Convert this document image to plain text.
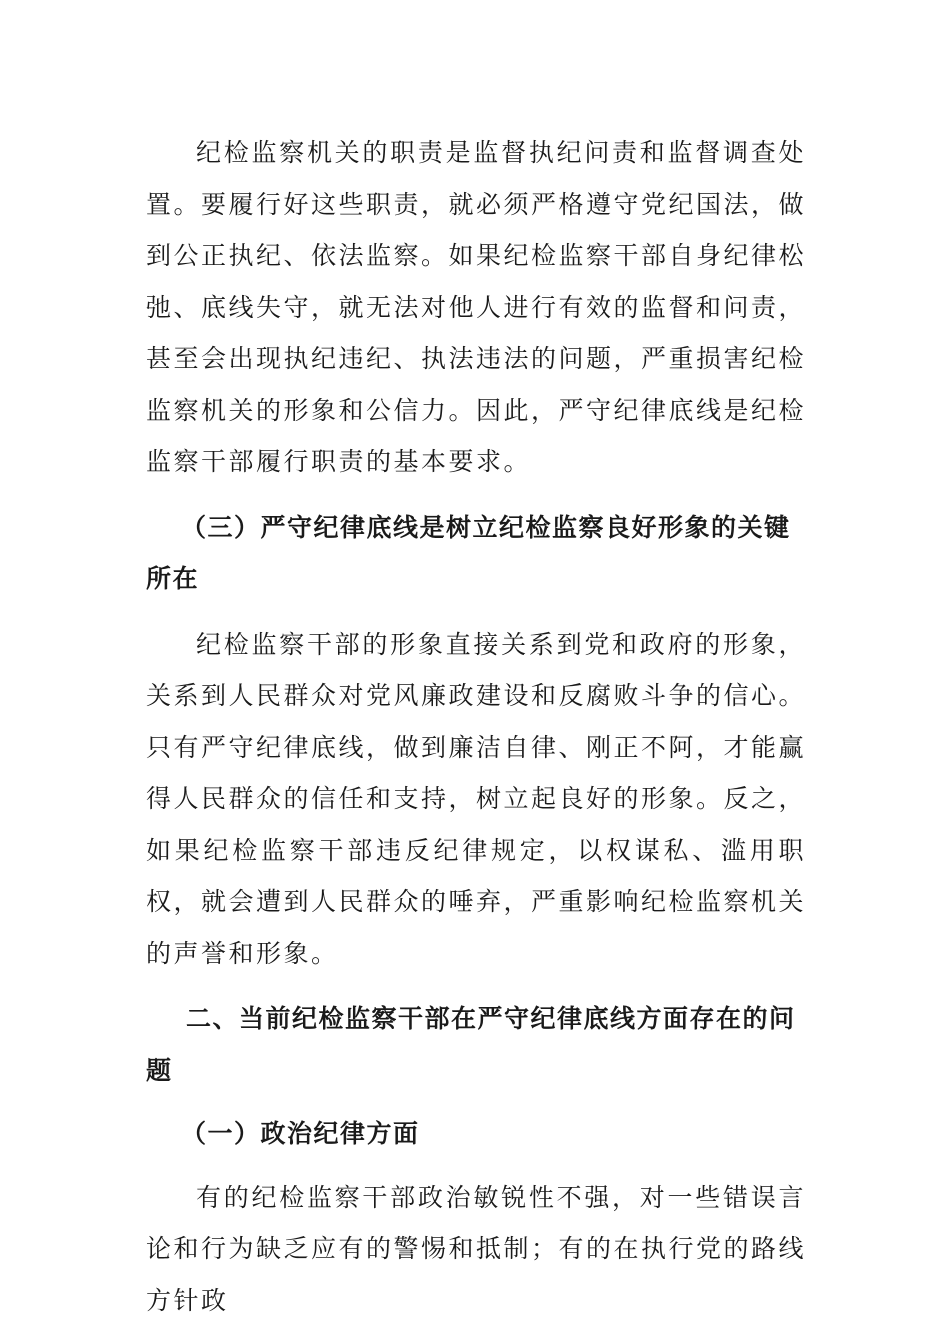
纪检监察机关的职责是监督执纪问责和监督调查处置。要履行好这些职责，就必须严格遵守党纪国法，做到公正执纪、依法监察。如果纪检监察干部自身纪律松弛、底线失守，就无法对他人进行有效的监督和问责，甚至会出现执纪违纪、执法违法的问题，严重损害纪检监察机关的形象和公信力。因此，严守纪律底线是纪检监察干部履行职责的基本要求。

（三）严守纪律底线是树立纪检监察良好形象的关键所在

纪检监察干部的形象直接关系到党和政府的形象，关系到人民群众对党风廉政建设和反腐败斗争的信心。只有严守纪律底线，做到廉洁自律、刚正不阿，才能赢得人民群众的信任和支持，树立起良好的形象。反之，如果纪检监察干部违反纪律规定，以权谋私、滥用职权，就会遭到人民群众的唾弃，严重影响纪检监察机关的声誉和形象。

二、当前纪检监察干部在严守纪律底线方面存在的问题

（一）政治纪律方面

有的纪检监察干部政治敏锐性不强，对一些错误言论和行为缺乏应有的警惕和抵制；有的在执行党的路线方针政
